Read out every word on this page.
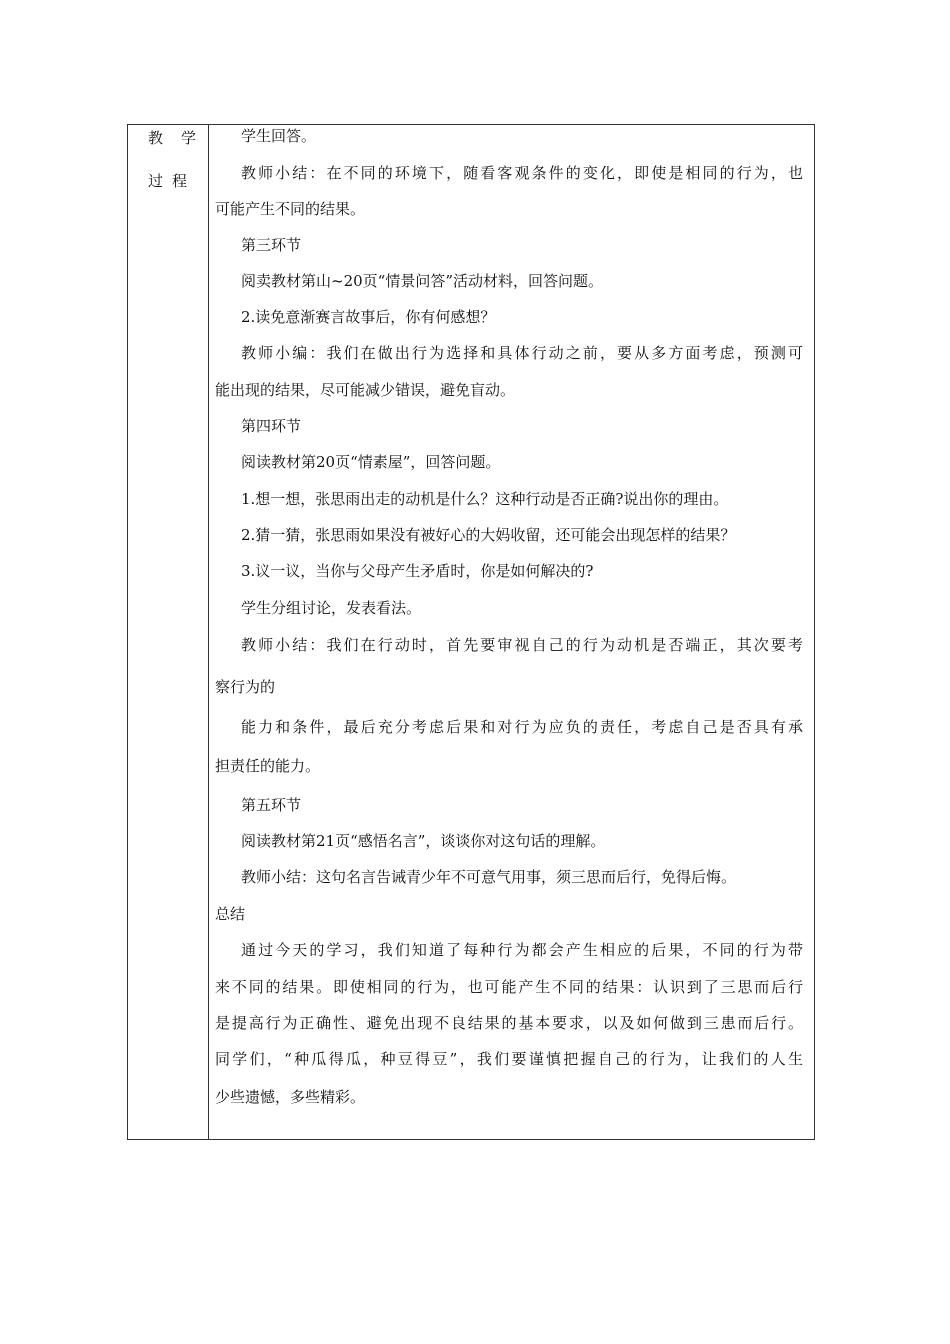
教 学
过 程
学生回答。
教师小结：在不同的环境下，随看客观条件的变化，即使是相同的行为，也
可能产生不同的结果。
第三环节
阅卖教材第山~20页“情景问答”活动材料，回答问题。
2.读免意渐赛言故事后，你有何感想？
教师小编：我们在做出行为选择和具体行动之前，要从多方面考虑，预测可
能出现的结果，尽可能减少错误，避免盲动。
第四环节
阅读教材第20页“情素屋”，回答问题。
1.想一想，张思雨出走的动机是什么？这种行动是否正确?说出你的理由。
2.猜一猜，张思雨如果没有被好心的大妈收留，还可能会出现怎样的结果？
3.议一议，当你与父母产生矛盾时，你是如何解决的?
学生分组讨论，发表看法。
教师小结：我们在行动时，首先要审视自己的行为动机是否端正，其次要考
察行为的
能力和条件，最后充分考虑后果和对行为应负的责任，考虑自己是否具有承
担责任的能力。
第五环节
阅读教材第21页“感悟名言”，谈谈你对这句话的理解。
教师小结：这句名言告诫青少年不可意气用事，须三思而后行，免得后悔。
总结
通过今天的学习，我们知道了每种行为都会产生相应的后果，不同的行为带
来不同的结果。即使相同的行为，也可能产生不同的结果：认识到了三思而后行
是提高行为正确性、避免出现不良结果的基本要求，以及如何做到三患而后行。
同学们，“种瓜得瓜，种豆得豆”，我们要谨慎把握自己的行为，让我们的人生
少些遗憾，多些精彩。
